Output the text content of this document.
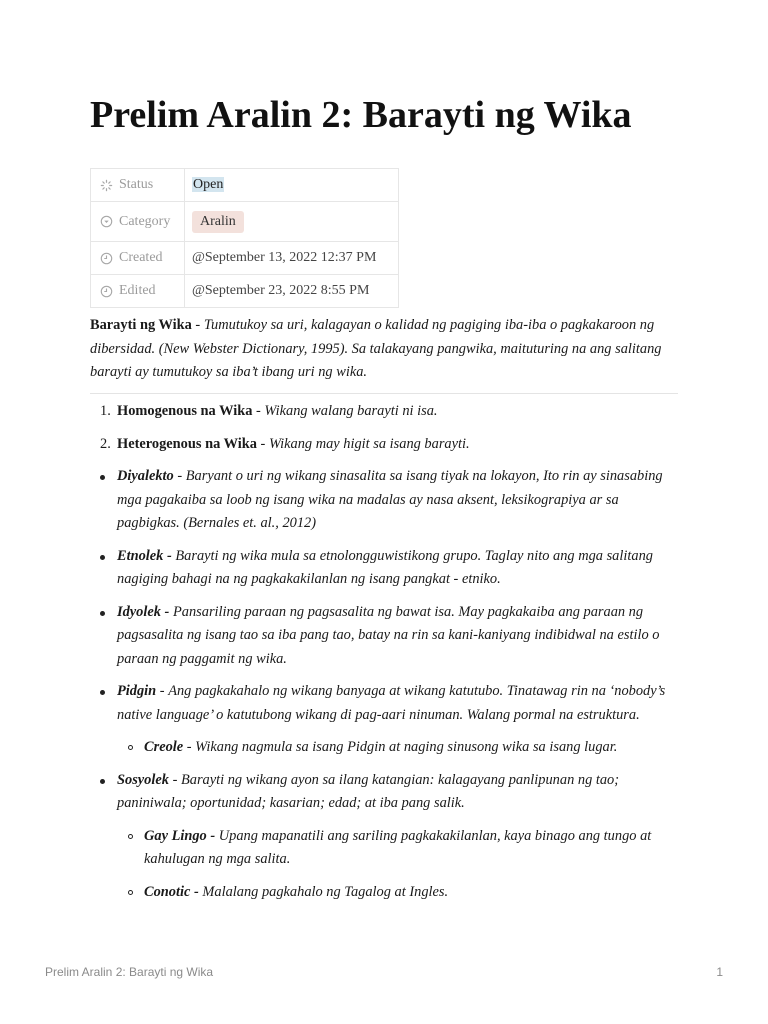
Prelim Aralin 2: Barayti ng Wika
Status	Open

Category	Aralin

Created	@September 13, 2022 12:37 PM

Edited	@September 23, 2022 8:55 PM

Barayti ng Wika - Tumutukoy sa uri, kalagayan o kalidad ng pagiging iba-iba o pagkakaroon ng dibersidad. (New Webster Dictionary, 1995). Sa talakayang pangwika, maituturing na ang salitang barayti ay tumutukoy sa iba’t ibang uri ng wika.

1. Homogenous na Wika - Wikang walang barayti ni isa.
2. Heterogenous na Wika - Wikang may higit sa isang barayti.
Diyalekto - Baryant o uri ng wikang sinasalita sa isang tiyak na lokayon, Ito rin ay sinasabing mga pagakaiba sa loob ng isang wika na madalas ay nasa aksent, leksikograpiya ar sa pagbigkas. (Bernales et. al., 2012)
Etnolek - Barayti ng wika mula sa etnolongguwistikong grupo. Taglay nito ang mga salitang nagiging bahagi na ng pagkakakilanlan ng isang pangkat - etniko.
Idyolek - Pansariling paraan ng pagsasalita ng bawat isa. May pagkakaiba ang paraan ng pagsasalita ng isang tao sa iba pang tao, batay na rin sa kani-kaniyang indibidwal na estilo o paraan ng paggamit ng wika.
Pidgin - Ang pagkakahalo ng wikang banyaga at wikang katutubo. Tinatawag rin na ‘nobody’s native language’ o katutubong wikang di pag-aari ninuman. Walang pormal na estruktura.
Creole - Wikang nagmula sa isang Pidgin at naging sinusong wika sa isang lugar.
Sosyolek - Barayti ng wikang ayon sa ilang katangian: kalagayang panlipunan ng tao; paniniwala; oportunidad; kasarian; edad; at iba pang salik.
Gay Lingo - Upang mapanatili ang sariling pagkakakilanlan, kaya binago ang tungo at kahulugan ng mga salita.
Conotic - Malalang pagkahalo ng Tagalog at Ingles.
Prelim Aralin 2: Barayti ng Wika	1
